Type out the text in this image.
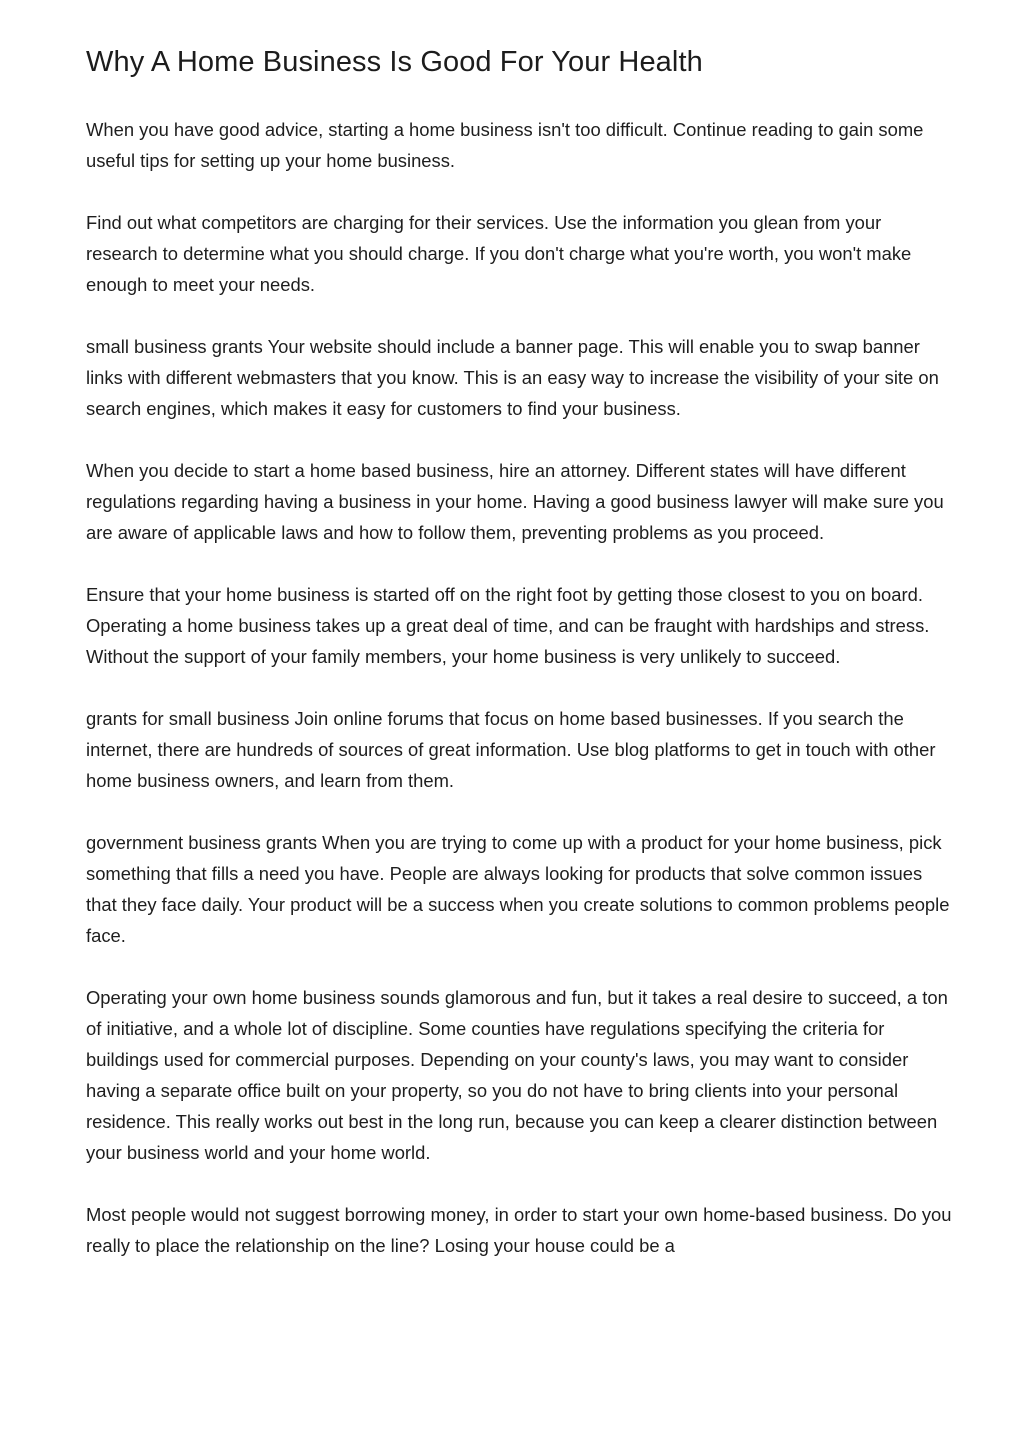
Why A Home Business Is Good For Your Health

When you have good advice, starting a home business isn't too difficult. Continue reading to gain some useful tips for setting up your home business.

Find out what competitors are charging for their services. Use the information you glean from your research to determine what you should charge. If you don't charge what you're worth, you won't make enough to meet your needs.

small business grants Your website should include a banner page. This will enable you to swap banner links with different webmasters that you know. This is an easy way to increase the visibility of your site on search engines, which makes it easy for customers to find your business.

When you decide to start a home based business, hire an attorney. Different states will have different regulations regarding having a business in your home. Having a good business lawyer will make sure you are aware of applicable laws and how to follow them, preventing problems as you proceed.

Ensure that your home business is started off on the right foot by getting those closest to you on board. Operating a home business takes up a great deal of time, and can be fraught with hardships and stress. Without the support of your family members, your home business is very unlikely to succeed.

grants for small business Join online forums that focus on home based businesses. If you search the internet, there are hundreds of sources of great information. Use blog platforms to get in touch with other home business owners, and learn from them.

government business grants When you are trying to come up with a product for your home business, pick something that fills a need you have. People are always looking for products that solve common issues that they face daily. Your product will be a success when you create solutions to common problems people face.

Operating your own home business sounds glamorous and fun, but it takes a real desire to succeed, a ton of initiative, and a whole lot of discipline. Some counties have regulations specifying the criteria for buildings used for commercial purposes. Depending on your county's laws, you may want to consider having a separate office built on your property, so you do not have to bring clients into your personal residence. This really works out best in the long run, because you can keep a clearer distinction between your business world and your home world.

Most people would not suggest borrowing money, in order to start your own home-based business. Do you really to place the relationship on the line? Losing your house could be a
